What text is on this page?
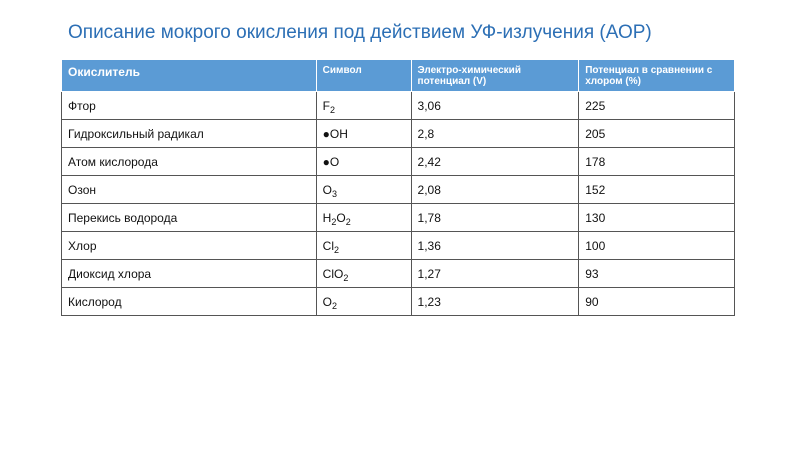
Описание мокрого окисления под действием УФ-излучения (АОР)
Окислитель	Символ	Электро-химический потенциал (V)	Потенциал в сравнении с хлором (%)
Фтор	$F_2$	3,06	225
Гидроксильный радикал	●OH	2,8	205
Атом кислорода	●O	2,42	178
Озон	$O_3$	2,08	152
Перекись водорода	$H_2O_2$	1,78	130
Хлор	$Cl_2$	1,36	100
Диоксид хлора	ClO$_2$	1,27	93
Кислород	$O_2$	1,23	90
